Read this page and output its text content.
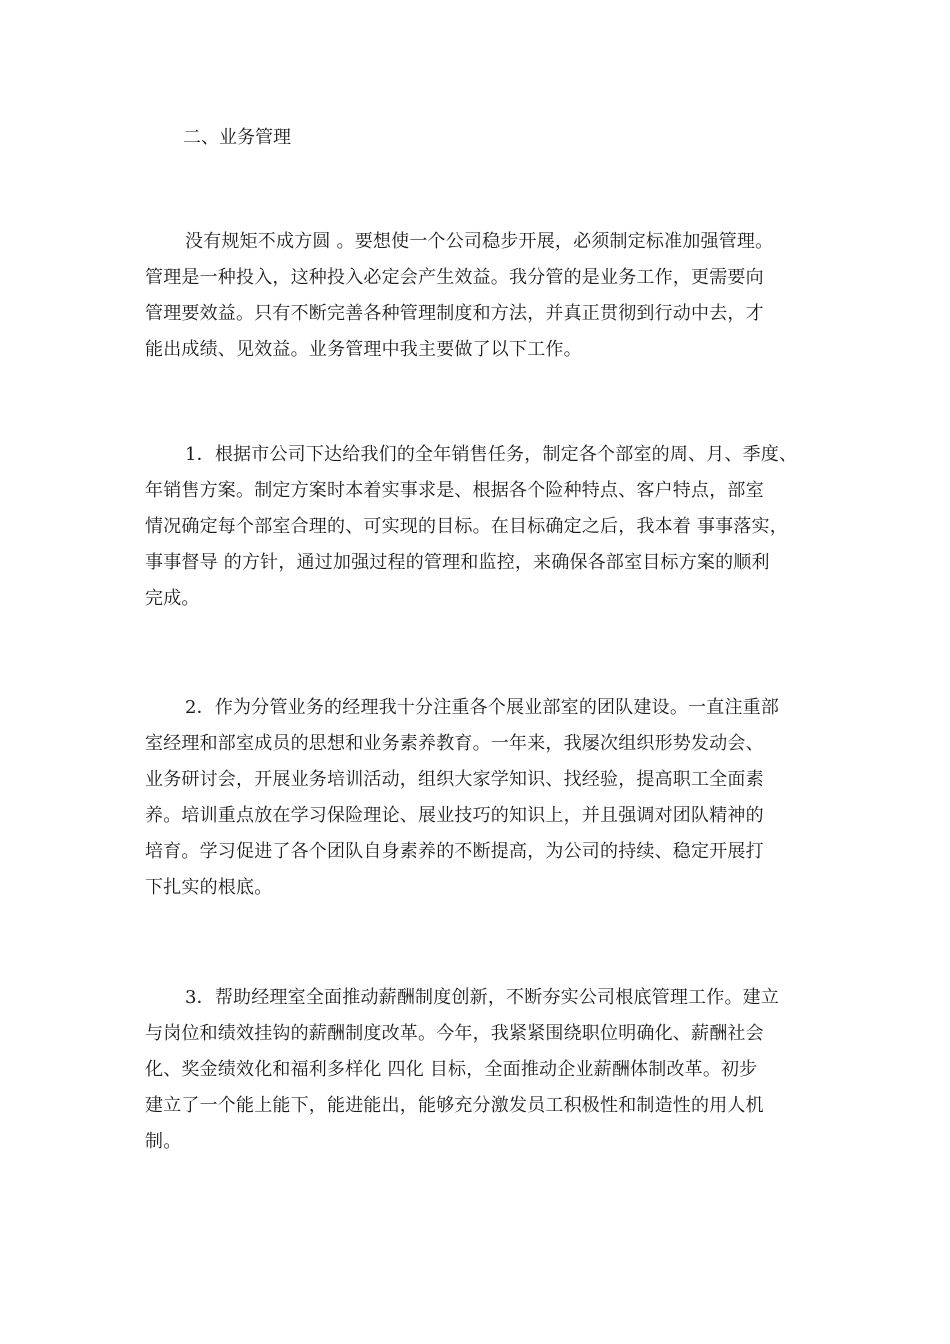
二、业务管理
没有规矩不成方圆 。要想使一个公司稳步开展，必须制定标准加强管理。
管理是一种投入，这种投入必定会产生效益。我分管的是业务工作，更需要向
管理要效益。只有不断完善各种管理制度和方法，并真正贯彻到行动中去，才
能出成绩、见效益。业务管理中我主要做了以下工作。
1．根据市公司下达给我们的全年销售任务，制定各个部室的周、月、季度、
年销售方案。制定方案时本着实事求是、根据各个险种特点、客户特点，部室
情况确定每个部室合理的、可实现的目标。在目标确定之后，我本着 事事落实，
事事督导 的方针，通过加强过程的管理和监控，来确保各部室目标方案的顺利
完成。
2．作为分管业务的经理我十分注重各个展业部室的团队建设。一直注重部
室经理和部室成员的思想和业务素养教育。一年来，我屡次组织形势发动会、
业务研讨会，开展业务培训活动，组织大家学知识、找经验，提高职工全面素
养。培训重点放在学习保险理论、展业技巧的知识上，并且强调对团队精神的
培育。学习促进了各个团队自身素养的不断提高，为公司的持续、稳定开展打
下扎实的根底。
3．帮助经理室全面推动薪酬制度创新，不断夯实公司根底管理工作。建立
与岗位和绩效挂钩的薪酬制度改革。今年，我紧紧围绕职位明确化、薪酬社会
化、奖金绩效化和福利多样化 四化 目标，全面推动企业薪酬体制改革。初步
建立了一个能上能下，能进能出，能够充分激发员工积极性和制造性的用人机
制。
